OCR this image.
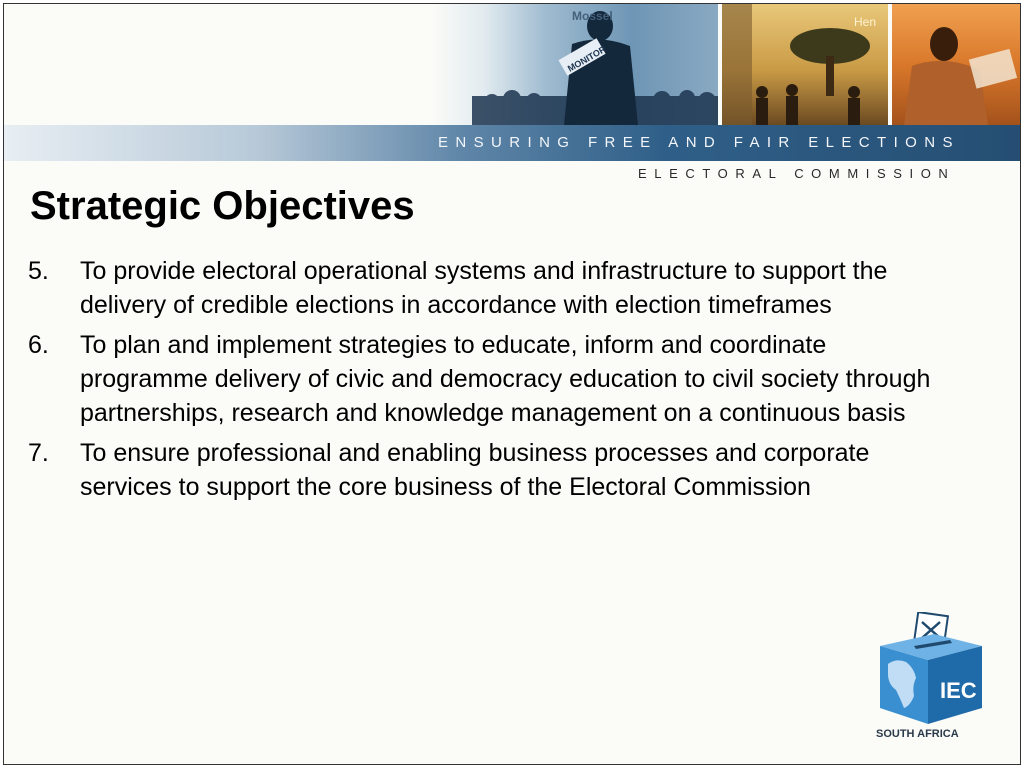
MONITOR
Mossel	Hen
ENSURING FREE AND FAIR ELECTIONS
ELECTORAL COMMISSION
Strategic Objectives
5. To provide electoral operational systems and infrastructure to support the delivery of credible elections in accordance with election timeframes
6. To plan and implement strategies to educate, inform and coordinate programme delivery of civic and democracy education to civil society through partnerships, research and knowledge management on a continuous basis
7. To ensure professional and enabling business processes and corporate services to support the core business of the Electoral Commission
IEC
SOUTH AFRICA
